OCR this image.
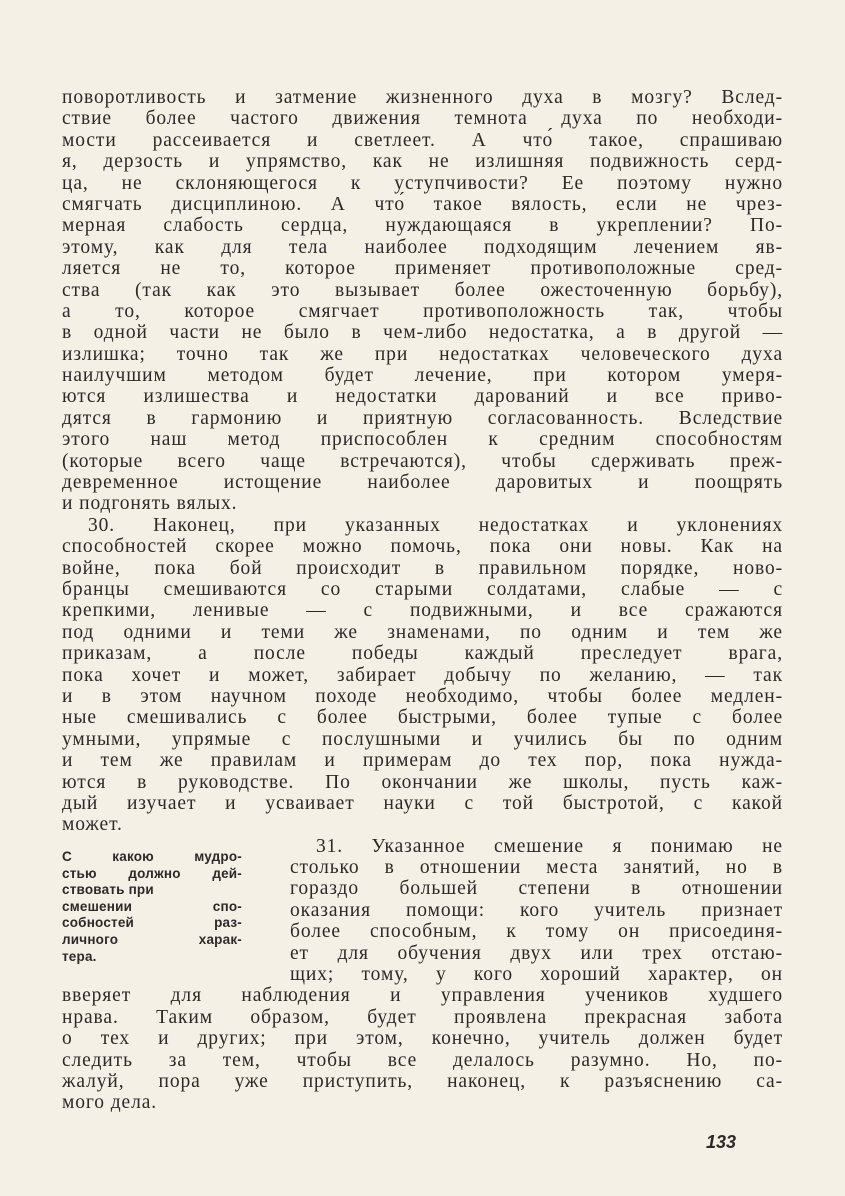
поворотливость и затмение жизненного духа в мозгу? Вслед-
ствие более частого движения темнота духа по необходи-
мости рассеивается и светлеет. А что́ такое, спрашиваю
я, дерзость и упрямство, как не излишняя подвижность серд-
ца, не склоняющегося к уступчивости? Ее поэтому нужно
смягчать дисциплиною. А что́ такое вялость, если не чрез-
мерная слабость сердца, нуждающаяся в укреплении? По-
этому, как для тела наиболее подходящим лечением яв-
ляется не то, которое применяет противоположные сред-
ства (так как это вызывает более ожесточенную борьбу),
а то, которое смягчает противоположность так, чтобы
в одной части не было в чем-либо недостатка, а в другой —
излишка; точно так же при недостатках человеческого духа
наилучшим методом будет лечение, при котором умеря-
ются излишества и недостатки дарований и все приво-
дятся в гармонию и приятную согласованность. Вследствие
этого наш метод приспособлен к средним способностям
(которые всего чаще встречаются), чтобы сдерживать преж-
девременное истощение наиболее даровитых и поощрять
и подгонять вялых.
30. Наконец, при указанных недостатках и уклонениях
способностей скорее можно помочь, пока они новы. Как на
войне, пока бой происходит в правильном порядке, ново-
бранцы смешиваются со старыми солдатами, слабые — с
крепкими, ленивые — с подвижными, и все сражаются
под одними и теми же знаменами, по одним и тем же
приказам, а после победы каждый преследует врага,
пока хочет и может, забирает добычу по желанию, — так
и в этом научном походе необходимо, чтобы более медлен-
ные смешивались с более быстрыми, более тупые с более
умными, упрямые с послушными и учились бы по одним
и тем же правилам и примерам до тех пор, пока нужда-
ются в руководстве. По окончании же школы, пусть каж-
дый изучает и усваивает науки с той быстротой, с какой
может.
31. Указанное смешение я понимаю не
столько в отношении места занятий, но в
гораздо большей степени в отношении
оказания помощи: кого учитель признает
более способным, к тому он присоединя-
ет для обучения двух или трех отстаю-
щих; тому, у кого хороший характер, он
вверяет для наблюдения и управления учеников худшего
нрава. Таким образом, будет проявлена прекрасная забота
о тех и других; при этом, конечно, учитель должен будет
следить за тем, чтобы все делалось разумно. Но, по-
жалуй, пора уже приступить, наконец, к разъяснению са-
мого дела.
С какою мудро-
стью должно дей-
ствовать при
смешении спо-
собностей раз-
личного харак-
тера.
133
